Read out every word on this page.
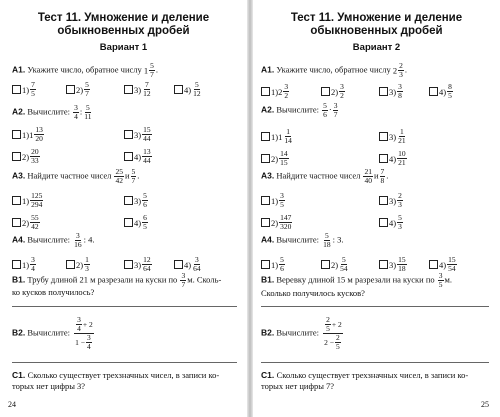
Тест 11. Умножение и деление
обыкновенных дробей
Вариант 1
А1. Укажите число, обратное числу $1 \frac{5}{7}$ .
$1) \frac{7}{5}$	$2) \frac{5}{7}$	$3) \frac{7}{12}$	$4) \frac{5}{12}$
А2. Вычислите: $\frac{3}{4}$ : $\frac{5}{11}$
1) $1 \frac{13}{20}$	$3) \frac{15}{44}$
$2) \frac{20}{33}$	$4) \frac{13}{44}$
А3. Найдите частное чисел $\frac{25}{42}$ и $\frac{5}{7}$ .
$1) \frac{125}{294}$	$3) \frac{5}{6}$
$2) \frac{55}{42}$	$4) \frac{6}{5}$
А4. Вычислите: $\frac{3}{16}$ : 4.
$1) \frac{3}{4}$	$2) \frac{1}{3}$	$3) \frac{12}{64}$	$4) \frac{3}{64}$
В1. Трубу длиной 21 м разрезали на куски по $\frac{3}{7} м$. Сколь-
ко кусков получилось?
В2. Вычислите: $\frac{\frac{3}{4} + 2}{1 - \frac{3}{4}}$
С1. Сколько существует трехзначных чисел, в записи ко-
торых нет цифры 3?
24
Тест 11. Умножение и деление
обыкновенных дробей
Вариант 2
А1. Укажите число, обратное числу $2 \frac{2}{3}$ .
1) $2 \frac{3}{2}$	$2) \frac{3}{2}$	$3) \frac{3}{8}$	$4) \frac{8}{5}$
А2. Вычислите: $\frac{5}{6} \cdot \frac{3}{7}$
1) $1 \frac{1}{14}$	$3) \frac{1}{21}$
$2) \frac{14}{15}$	$4) \frac{10}{21}$
А3. Найдите частное чисел $\frac{21}{40}$ и $\frac{7}{8}$ .
$1) \frac{3}{5}$	$3) \frac{2}{3}$
$2) \frac{147}{320}$	$4) \frac{5}{3}$
А4. Вычислите: $\frac{5}{18}$ : 3.
$1) \frac{5}{6}$	$2) \frac{5}{54}$	$3) \frac{15}{18}$	$4) \frac{15}{54}$
В1. Веревку длиной 15 м разрезали на куски по $\frac{3}{5} м$.
Сколько получилось кусков?
В2. Вычислите: $\frac{\frac{2}{5} + 2}{2 - \frac{2}{5}}$
С1. Сколько существует трехзначных чисел, в записи ко-
торых нет цифры 7?
25
